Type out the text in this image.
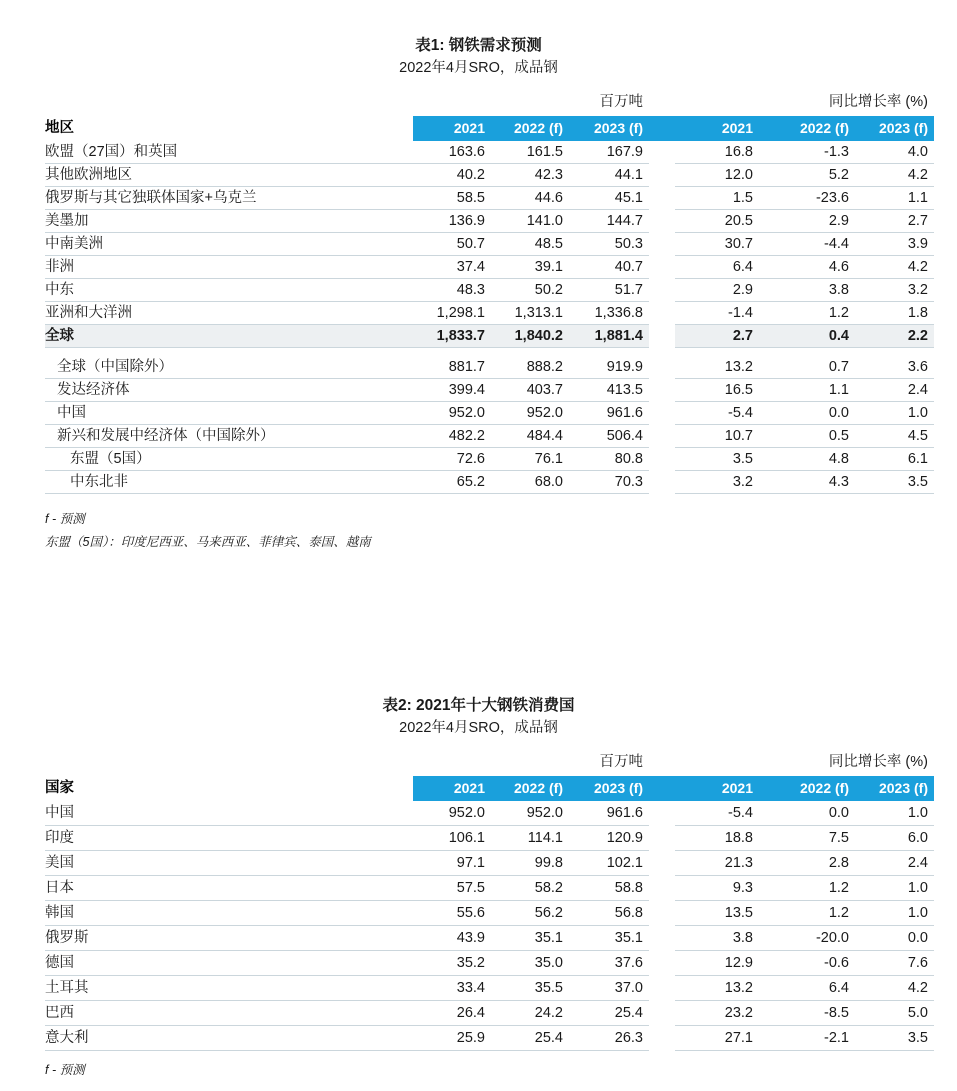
表1: 钢铁需求预测
2022年4月SRO，成品钢
	百万吨				同比增长率 (%)		
地区	2021	2022 (f)	2023 (f)		2021	2022 (f)	2023 (f)
欧盟（27国）和英国	163.6	161.5	167.9		16.8	-1.3	4.0
其他欧洲地区	40.2	42.3	44.1		12.0	5.2	4.2
俄罗斯与其它独联体国家+乌克兰	58.5	44.6	45.1		1.5	-23.6	1.1
美墨加	136.9	141.0	144.7		20.5	2.9	2.7
中南美洲	50.7	48.5	50.3		30.7	-4.4	3.9
非洲	37.4	39.1	40.7		6.4	4.6	4.2
中东	48.3	50.2	51.7		2.9	3.8	3.2
亚洲和大洋洲	1,298.1	1,313.1	1,336.8		-1.4	1.2	1.8
全球	1,833.7	1,840.2	1,881.4		2.7	0.4	2.2

全球（中国除外）	881.7	888.2	919.9		13.2	0.7	3.6
发达经济体	399.4	403.7	413.5		16.5	1.1	2.4
中国	952.0	952.0	961.6		-5.4	0.0	1.0
新兴和发展中经济体（中国除外）	482.2	484.4	506.4		10.7	0.5	4.5
东盟（5国）	72.6	76.1	80.8		3.5	4.8	6.1
中东北非	65.2	68.0	70.3		3.2	4.3	3.5
f - 预测
东盟（5国）：印度尼西亚、马来西亚、菲律宾、泰国、越南
表2: 2021年十大钢铁消费国
2022年4月SRO，成品钢
	百万吨				同比增长率 (%)		
国家	2021	2022 (f)	2023 (f)		2021	2022 (f)	2023 (f)
中国	952.0	952.0	961.6		-5.4	0.0	1.0
印度	106.1	114.1	120.9		18.8	7.5	6.0
美国	97.1	99.8	102.1		21.3	2.8	2.4
日本	57.5	58.2	58.8		9.3	1.2	1.0
韩国	55.6	56.2	56.8		13.5	1.2	1.0
俄罗斯	43.9	35.1	35.1		3.8	-20.0	0.0
德国	35.2	35.0	37.6		12.9	-0.6	7.6
土耳其	33.4	35.5	37.0		13.2	6.4	4.2
巴西	26.4	24.2	25.4		23.2	-8.5	5.0
意大利	25.9	25.4	26.3		27.1	-2.1	3.5
f - 预测
